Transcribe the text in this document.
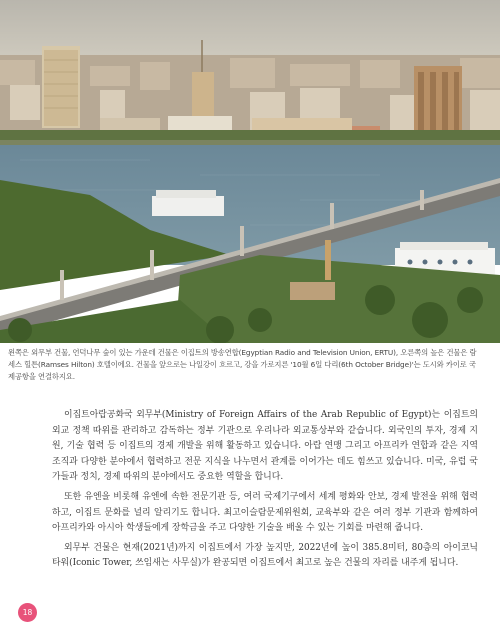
왼쪽은 외무부 건물, 언덕나무 숲이 있는 가운데 건물은 이집트의 방송연합(Egyptian Radio and Television Union, ERTU), 오른쪽의 높은 건물은 람세스 힐튼(Ramses Hilton) 호텔이에요. 건물을 앞으로는 나일강이 흐르고, 강을 가로지른 '10월 6일 다리(6th October Bridge)'는 도시와 카이로 국제공항을 연결하지요.

이집트아랍공화국 외무부(Ministry of Foreign Affairs of the Arab Republic of Egypt)는 이집트의 외교 정책 따위를 관리하고 감독하는 정부 기관으로 우리나라 외교통상부와 같습니다. 외국인의 투자, 경제 지원, 기술 협력 등 이집트의 경제 개발을 위해 활동하고 있습니다. 아랍 연맹 그리고 아프리카 연합과 같은 지역 조직과 다양한 분야에서 협력하고 전문 지식을 나누면서 관계를 이어가는 데도 힘쓰고 있습니다. 미국, 유럽 국가들과 정치, 경제 따위의 분야에서도 중요한 역할을 합니다.

또한 유엔을 비롯해 유엔에 속한 전문기관 등, 여러 국제기구에서 세계 평화와 안보, 경제 발전을 위해 협력하고, 이집트 문화를 널리 알리기도 합니다. 최고이슬람문제위원회, 교육부와 같은 여러 정부 기관과 함께하여 아프리카와 아시아 학생들에게 장학금을 주고 다양한 기술을 배울 수 있는 기회를 마련해 줍니다.

외무부 건물은 현재(2021년)까지 이집트에서 가장 높지만, 2022년에 높이 385.8미터, 80층의 아이코닉 타워(Iconic Tower, 쓰임새는 사무실)가 완공되면 이집트에서 최고로 높은 건물의 자리를 내주게 됩니다.

18
